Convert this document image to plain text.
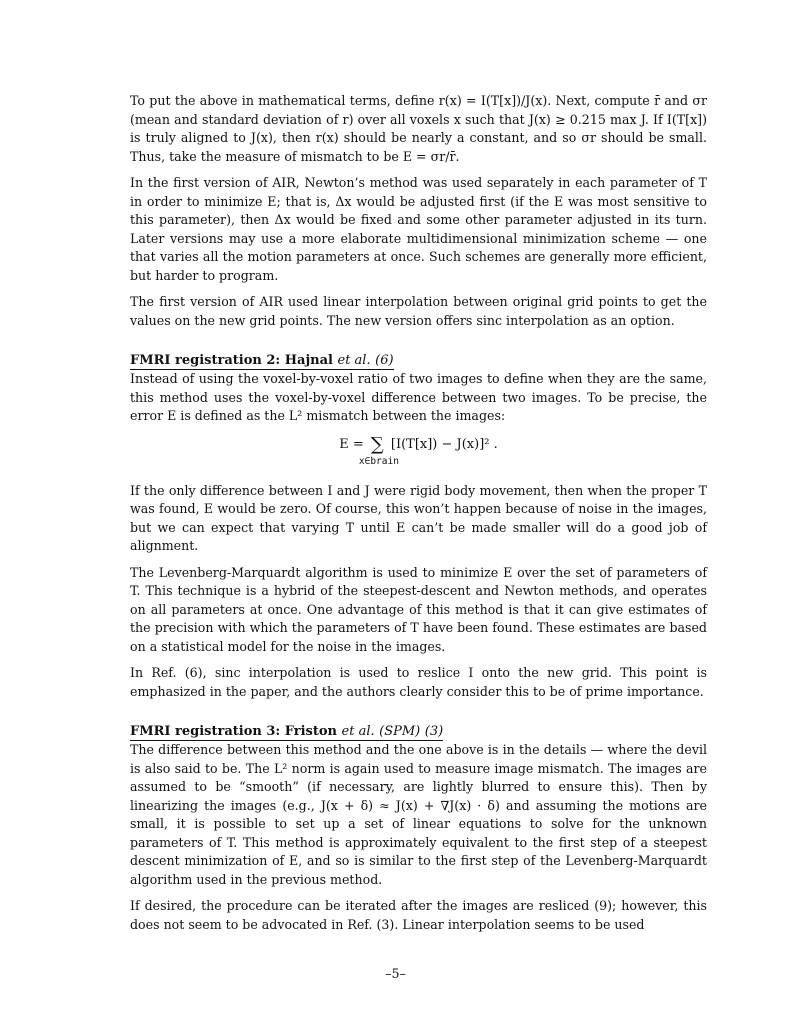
To put the above in mathematical terms, define r(x) = I(T[x])/J(x). Next, compute r̄ and σr (mean and standard deviation of r) over all voxels x such that J(x) ≥ 0.215 max J. If I(T[x]) is truly aligned to J(x), then r(x) should be nearly a constant, and so σr should be small. Thus, take the measure of mismatch to be E = σr/r̄.

In the first version of AIR, Newton’s method was used separately in each parameter of T in order to minimize E; that is, Δx would be adjusted first (if the E was most sensitive to this parameter), then Δx would be fixed and some other parameter adjusted in its turn. Later versions may use a more elaborate multidimensional minimization scheme — one that varies all the motion parameters at once. Such schemes are generally more efficient, but harder to program.

The first version of AIR used linear interpolation between original grid points to get the values on the new grid points. The new version offers sinc interpolation as an option.

FMRI registration 2: Hajnal et al. (6)

Instead of using the voxel-by-voxel ratio of two images to define when they are the same, this method uses the voxel-by-voxel difference between two images. To be precise, the error E is defined as the L² mismatch between the images:

E = ∑
x∈brain
[I(T[x]) − J(x)]² .

If the only difference between I and J were rigid body movement, then when the proper T was found, E would be zero. Of course, this won’t happen because of noise in the images, but we can expect that varying T until E can’t be made smaller will do a good job of alignment.

The Levenberg-Marquardt algorithm is used to minimize E over the set of parameters of T. This technique is a hybrid of the steepest-descent and Newton methods, and operates on all parameters at once. One advantage of this method is that it can give estimates of the precision with which the parameters of T have been found. These estimates are based on a statistical model for the noise in the images.

In Ref. (6), sinc interpolation is used to reslice I onto the new grid. This point is emphasized in the paper, and the authors clearly consider this to be of prime importance.

FMRI registration 3: Friston et al. (SPM) (3)

The difference between this method and the one above is in the details — where the devil is also said to be. The L² norm is again used to measure image mismatch. The images are assumed to be “smooth” (if necessary, are lightly blurred to ensure this). Then by linearizing the images (e.g., J(x + δ) ≈ J(x) + ∇J(x) · δ) and assuming the motions are small, it is possible to set up a set of linear equations to solve for the unknown parameters of T. This method is approximately equivalent to the first step of a steepest descent minimization of E, and so is similar to the first step of the Levenberg-Marquardt algorithm used in the previous method.

If desired, the procedure can be iterated after the images are resliced (9); however, this does not seem to be advocated in Ref. (3). Linear interpolation seems to be used

–5–
